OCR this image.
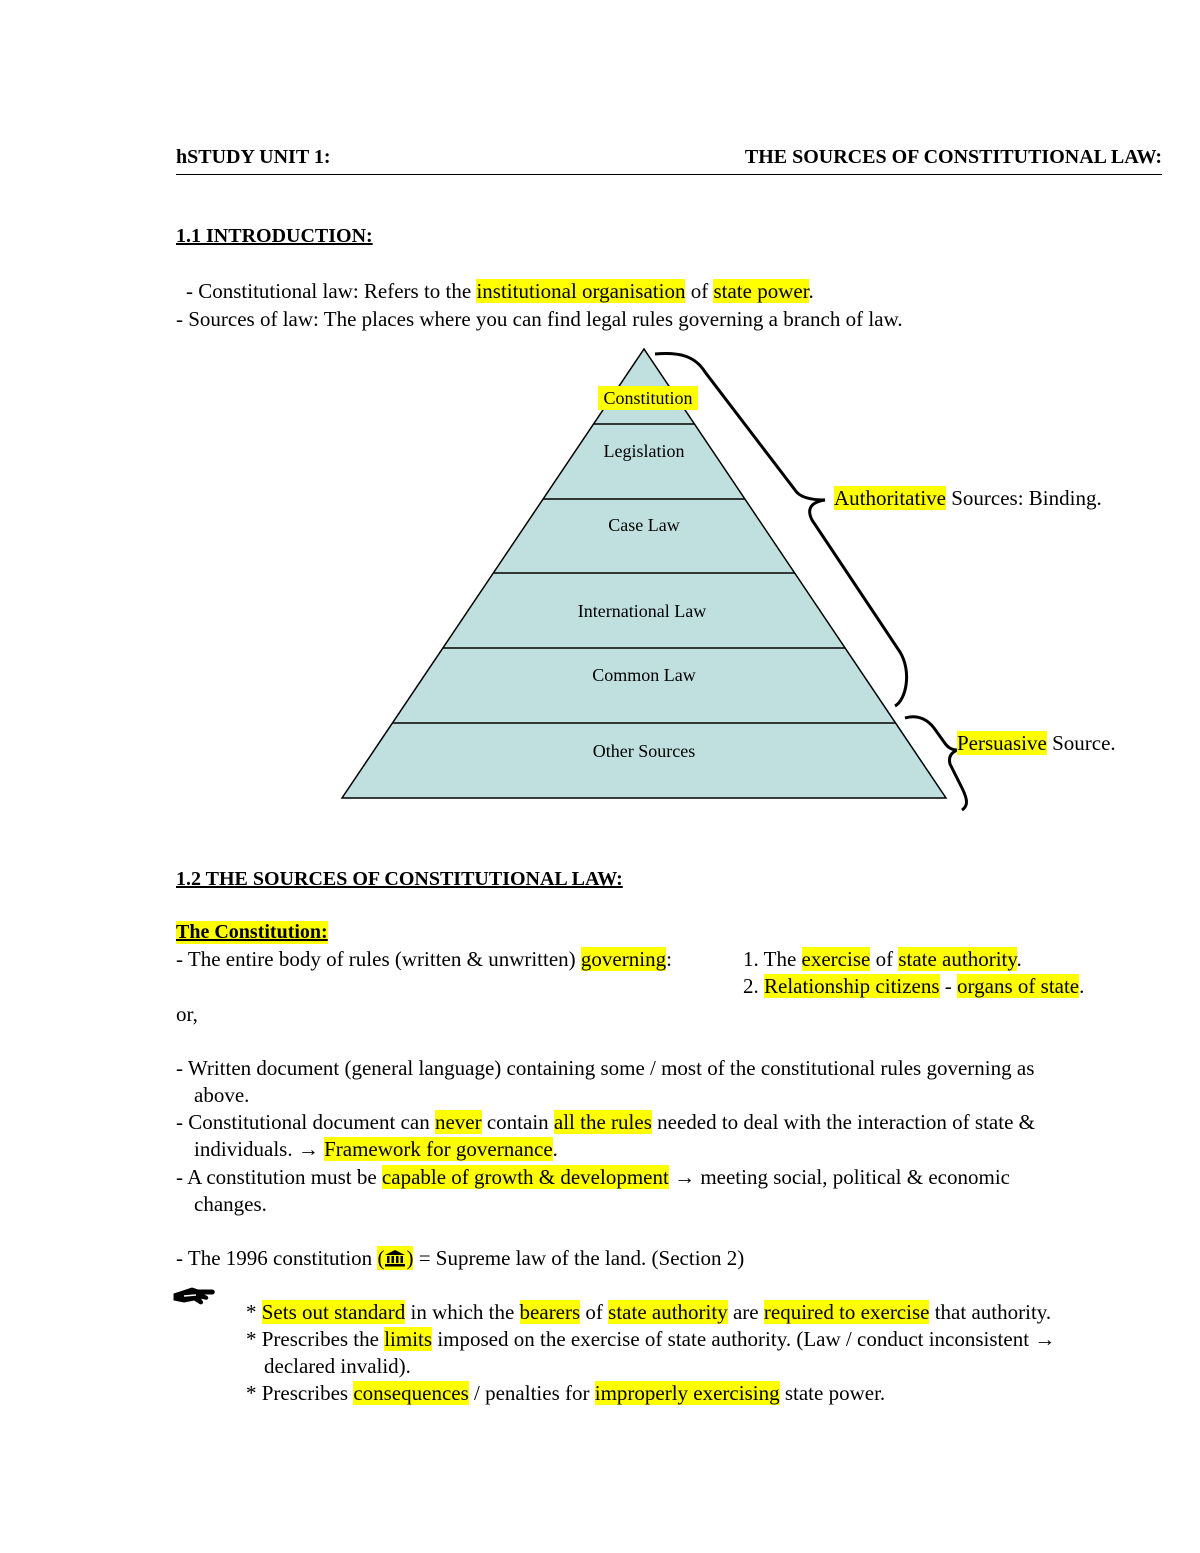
hSTUDY UNIT 1:	THE SOURCES OF CONSTITUTIONAL LAW:
1.1 INTRODUCTION:
- Constitutional law: Refers to the institutional organisation of state power.
- Sources of law: The places where you can find legal rules governing a branch of law.
Constitution
Legislation
Case Law
International Law
Common Law
Other Sources
Authoritative Sources: Binding.
Persuasive Source.
1.2 THE SOURCES OF CONSTITUTIONAL LAW:
The Constitution:
- The entire body of rules (written & unwritten) governing:	1. The exercise of state authority.
2. Relationship citizens - organs of state.
or,
- Written document (general language) containing some / most of the constitutional rules governing as
above.
- Constitutional document can never contain all the rules needed to deal with the interaction of state &
individuals. → Framework for governance.
- A constitution must be capable of growth & development → meeting social, political & economic
changes.
- The 1996 constitution ( ) = Supreme law of the land. (Section 2)
* Sets out standard in which the bearers of state authority are required to exercise that authority.
* Prescribes the limits imposed on the exercise of state authority. (Law / conduct inconsistent →
declared invalid).
* Prescribes consequences / penalties for improperly exercising state power.
